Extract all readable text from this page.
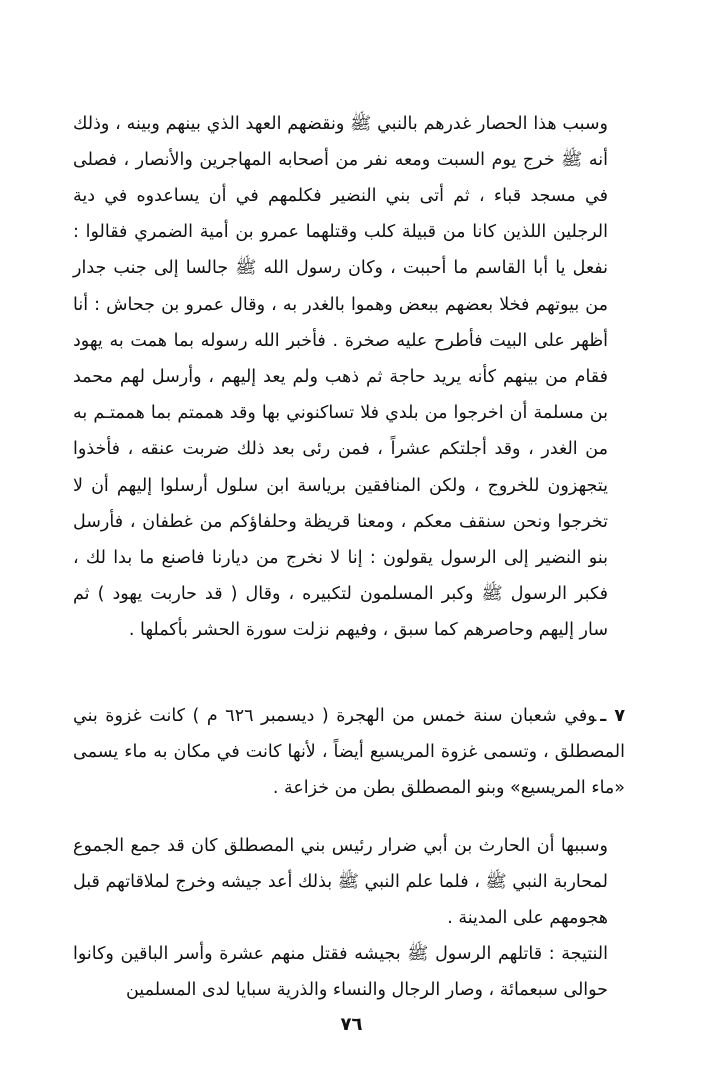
وسبب هذا الحصار غدرهم بالنبي ﷺ ونقضهم العهد الذي بينهم وبينه ، وذلك أنه ﷺ خرج يوم السبت ومعه نفر من أصحابه المهاجرين والأنصار ، فصلى في مسجد قباء ، ثم أتى بني النضير فكلمهم في أن يساعدوه في دية الرجلين اللذين كانا من قبيلة كلب وقتلهما عمرو بن أمية الضمري فقالوا : نفعل يا أبا القاسم ما أحببت ، وكان رسول الله ﷺ جالسا إلى جنب جدار من بيوتهم فخلا بعضهم ببعض وهموا بالغدر به ، وقال عمرو بن جحاش : أنا أظهر على البيت فأطرح عليه صخرة . فأخبر الله رسوله بما همت به يهود فقام من بينهم كأنه يريد حاجة ثم ذهب ولم يعد إليهم ، وأرسل لهم محمد بن مسلمة أن اخرجوا من بلدي فلا تساكنوني بها وقد هممتم بما هممتـم به من الغدر ، وقد أجلتكم عشراً ، فمن رئى بعد ذلك ضربت عنقه ، فأخذوا يتجهزون للخروج ، ولكن المنافقين برياسة ابن سلول أرسلوا إليهم أن لا تخرجوا ونحن سنقف معكم ، ومعنا قريظة وحلفاؤكم من غطفان ، فأرسل بنو النضير إلى الرسول يقولون : إنا لا نخرج من ديارنا فاصنع ما بدا لك ، فكبر الرسول ﷺ وكبر المسلمون لتكبيره ، وقال ( قد حاربت يهود ) ثم سار إليهم وحاصرهم كما سبق ، وفيهم نزلت سورة الحشر بأكملها .

٧ ـوفي شعبان سنة خمس من الهجرة ( ديسمبر ٦٢٦ م ) كانت غزوة بني المصطلق ، وتسمى غزوة المريسيع أيضاً ، لأنها كانت في مكان به ماء يسمى «ماء المريسيع» وبنو المصطلق بطن من خزاعة .

وسببها أن الحارث بن أبي ضرار رئيس بني المصطلق كان قد جمع الجموع لمحاربة النبي ﷺ ، فلما علم النبي ﷺ بذلك أعد جيشه وخرج لملاقاتهم قبل هجومهم على المدينة .

النتيجة : قاتلهم الرسول ﷺ بجيشه فقتل منهم عشرة وأسر الباقين وكانوا حوالى سبعمائة ، وصار الرجال والنساء والذرية سبايا لدى المسلمين

٧٦
